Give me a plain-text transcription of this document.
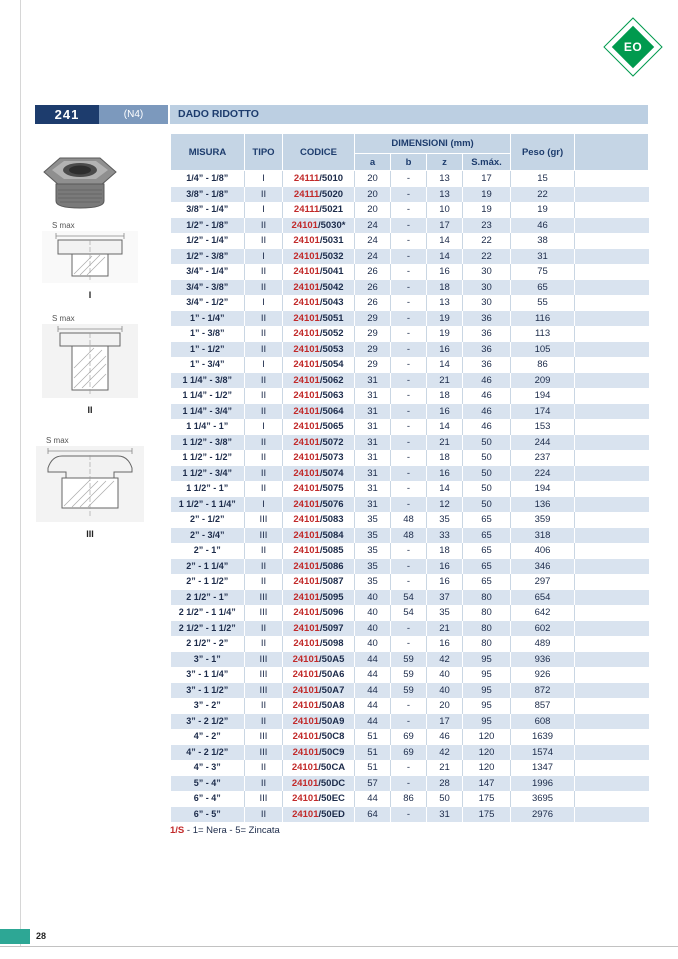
EO
241	(N4)	DADO RIDOTTO
S max
I
S max
II
S max
III
MISURA	TIPO	CODICE	DIMENSIONI (mm)				Peso (gr)	
			a	b	z	S.máx.		
1/4” - 1/8”	I	24111/5010	20	-	13	17	15	
3/8” - 1/8”	II	24111/5020	20	-	13	19	22	
3/8” - 1/4”	I	24111/5021	20	-	10	19	19	
1/2” - 1/8”	II	24101/5030*	24	-	17	23	46	
1/2” - 1/4”	II	24101/5031	24	-	14	22	38	
1/2” - 3/8”	I	24101/5032	24	-	14	22	31	
3/4” - 1/4”	II	24101/5041	26	-	16	30	75	
3/4” - 3/8”	II	24101/5042	26	-	18	30	65	
3/4” - 1/2”	I	24101/5043	26	-	13	30	55	
1” - 1/4”	II	24101/5051	29	-	19	36	116	
1” - 3/8”	II	24101/5052	29	-	19	36	113	
1” - 1/2”	II	24101/5053	29	-	16	36	105	
1” - 3/4”	I	24101/5054	29	-	14	36	86	
1 1/4” - 3/8”	II	24101/5062	31	-	21	46	209	
1 1/4” - 1/2”	II	24101/5063	31	-	18	46	194	
1 1/4” - 3/4”	II	24101/5064	31	-	16	46	174	
1 1/4” - 1”	I	24101/5065	31	-	14	46	153	
1 1/2” - 3/8”	II	24101/5072	31	-	21	50	244	
1 1/2” - 1/2”	II	24101/5073	31	-	18	50	237	
1 1/2” - 3/4”	II	24101/5074	31	-	16	50	224	
1 1/2” - 1”	II	24101/5075	31	-	14	50	194	
1 1/2” - 1 1/4”	I	24101/5076	31	-	12	50	136	
2” - 1/2”	III	24101/5083	35	48	35	65	359	
2” - 3/4”	III	24101/5084	35	48	33	65	318	
2” - 1”	II	24101/5085	35	-	18	65	406	
2” - 1 1/4”	II	24101/5086	35	-	16	65	346	
2” - 1 1/2”	II	24101/5087	35	-	16	65	297	
2 1/2” - 1”	III	24101/5095	40	54	37	80	654	
2 1/2” - 1 1/4”	III	24101/5096	40	54	35	80	642	
2 1/2” - 1 1/2”	II	24101/5097	40	-	21	80	602	
2 1/2” - 2”	II	24101/5098	40	-	16	80	489	
3” - 1”	III	24101/50A5	44	59	42	95	936	
3” - 1 1/4”	III	24101/50A6	44	59	40	95	926	
3” - 1 1/2”	III	24101/50A7	44	59	40	95	872	
3” - 2”	II	24101/50A8	44	-	20	95	857	
3” - 2 1/2”	II	24101/50A9	44	-	17	95	608	
4” - 2”	III	24101/50C8	51	69	46	120	1639	
4” - 2 1/2”	III	24101/50C9	51	69	42	120	1574	
4” - 3”	II	24101/50CA	51	-	21	120	1347	
5” - 4”	II	24101/50DC	57	-	28	147	1996	
6” - 4”	III	24101/50EC	44	86	50	175	3695	
6” - 5”	II	24101/50ED	64	-	31	175	2976	
1/S - 1= Nera - 5= Zincata
28
